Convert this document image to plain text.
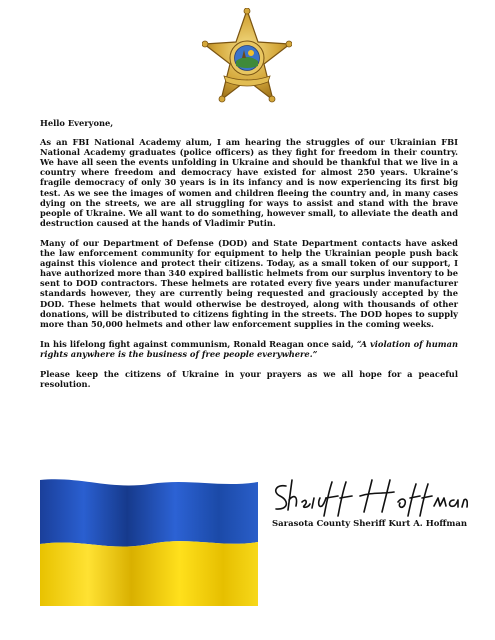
Hello Everyone,

As an FBI National Academy alum, I am hearing the struggles of our Ukrainian FBI National Academy graduates (police officers) as they fight for freedom in their country. We have all seen the events unfolding in Ukraine and should be thankful that we live in a country where freedom and democracy have existed for almost 250 years. Ukraine’s fragile democracy of only 30 years is in its infancy and is now experiencing its first big test. As we see the images of women and children fleeing the country and, in many cases dying on the streets, we are all struggling for ways to assist and stand with the brave people of Ukraine. We all want to do something, however small, to alleviate the death and destruction caused at the hands of Vladimir Putin.

Many of our Department of Defense (DOD) and State Department contacts have asked the law enforcement community for equipment to help the Ukrainian people push back against this violence and protect their citizens. Today, as a small token of our support, I have authorized more than 340 expired ballistic helmets from our surplus inventory to be sent to DOD contractors. These helmets are rotated every five years under manufacturer standards however, they are currently being requested and graciously accepted by the DOD. These helmets that would otherwise be destroyed, along with thousands of other donations, will be distributed to citizens fighting in the streets. The DOD hopes to supply more than 50,000 helmets and other law enforcement supplies in the coming weeks.

In his lifelong fight against communism, Ronald Reagan once said, “A violation of human rights anywhere is the business of free people everywhere.”

Please keep the citizens of Ukraine in your prayers as we all hope for a peaceful resolution.

Sarasota County Sheriff Kurt A. Hoffman
